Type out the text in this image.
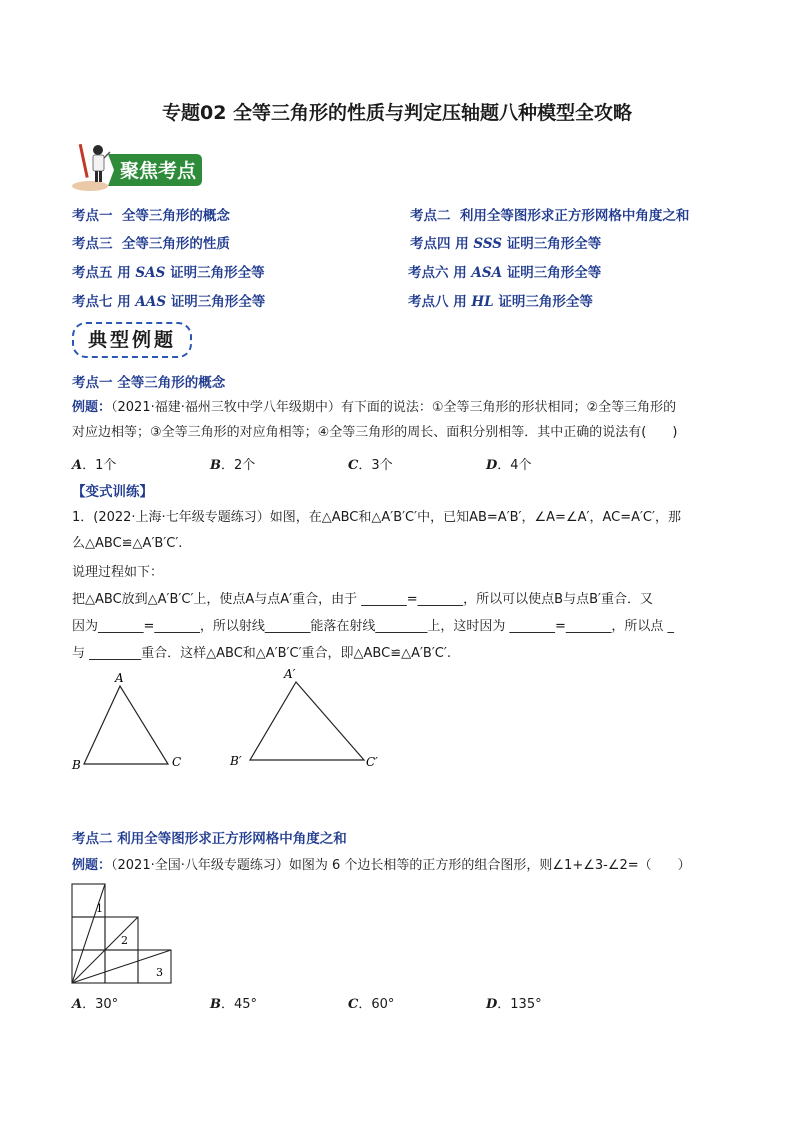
专题02 全等三角形的性质与判定压轴题八种模型全攻略
聚焦考点
考点一 全等三角形的概念	考点二 利用全等图形求正方形网格中角度之和
考点三 全等三角形的性质	考点四 用 SSS 证明三角形全等
考点五 用 SAS 证明三角形全等	考点六 用 ASA 证明三角形全等
考点七 用 AAS 证明三角形全等	考点八 用 HL 证明三角形全等
典型例题
考点一 全等三角形的概念
例题：（2021·福建·福州三牧中学八年级期中）有下面的说法：①全等三角形的形状相同；②全等三角形的
对应边相等；③全等三角形的对应角相等；④全等三角形的周长、面积分别相等．其中正确的说法有(　　)
A．1个	B．2个	C．3个	D．4个
【变式训练】
1．(2022·上海·七年级专题练习）如图，在△ABC和△A′B′C′中，已知AB=A′B′，∠A=∠A′，AC=A′C′，那
么△ABC≌△A′B′C′.
说理过程如下：
把△ABC放到△A′B′C′上，使点A与点A′重合，由于 _______=_______，所以可以使点B与点B′重合．又
因为_______=_______，所以射线_______能落在射线________上，这时因为 _______=_______，所以点 _
与 ________重合．这样△ABC和△A′B′C′重合，即△ABC≌△A′B′C′.
A
B	C
A′
B′	C′
考点二 利用全等图形求正方形网格中角度之和
例题：（2021·全国·八年级专题练习）如图为 6 个边长相等的正方形的组合图形，则∠1+∠3-∠2=（　　）
1
2
3
A．30°	B．45°	C．60°	D．135°
